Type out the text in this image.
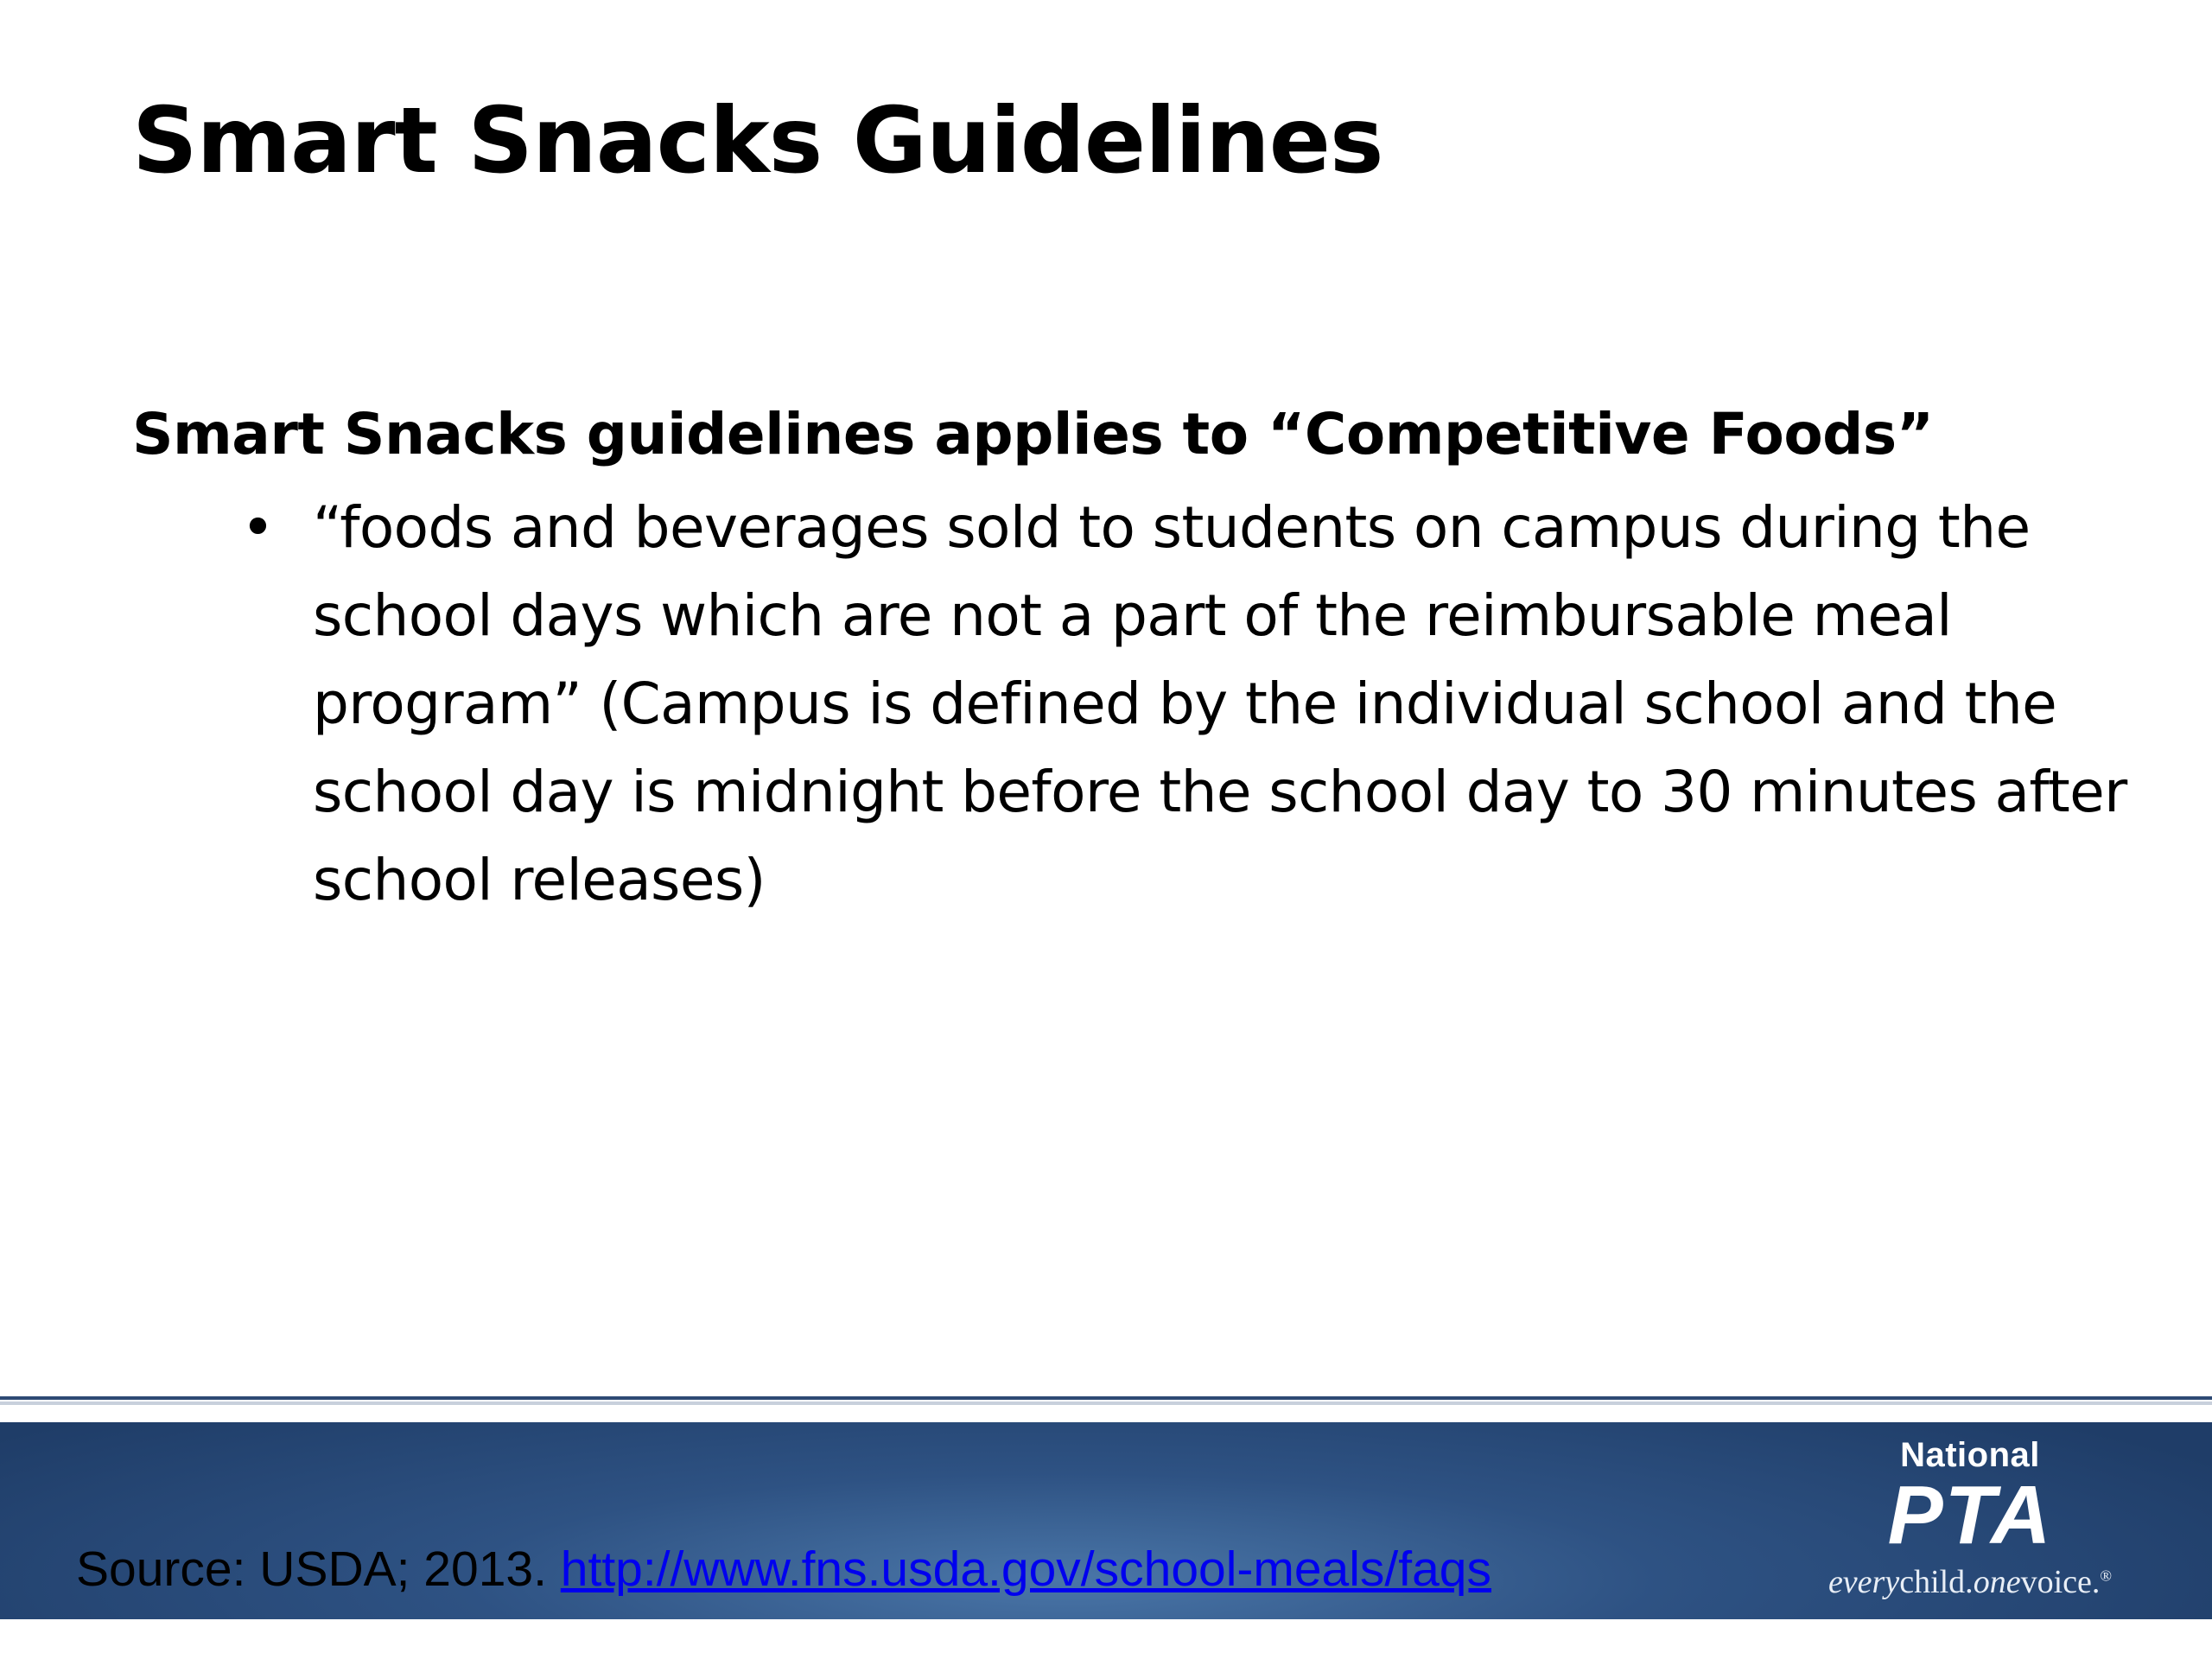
Smart Snacks Guidelines

Smart Snacks guidelines applies to “Competitive Foods”

• “foods and beverages sold to students on campus during the school days which are not a part of the reimbursable meal program” (Campus is defined by the individual school and the school day is midnight before the school day to 30 minutes after school releases)
Source: USDA; 2013. http://www.fns.usda.gov/school-meals/faqs
National
PTA
everychild.onevoice.®
